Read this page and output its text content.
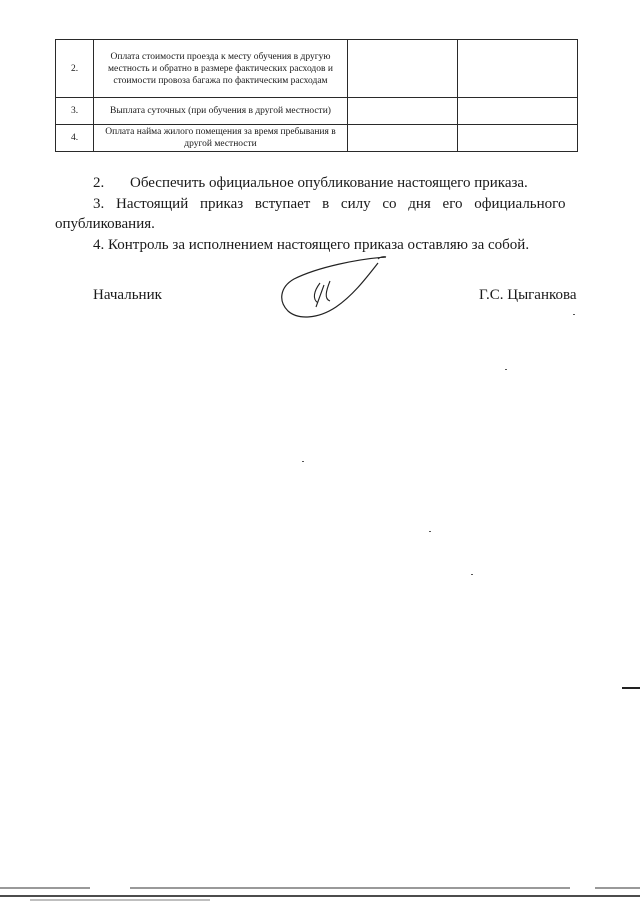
2.	Оплата стоимости проезда к месту обучения в другую местность и обратно в размере фактических расходов и стоимости провоза багажа по фактическим расходам		
3.	Выплата суточных (при обучения в другой местности)		
4.	Оплата найма жилого помещения за время пребывания в другой местности		

2. Обеспечить официальное опубликование настоящего приказа.

3. Настоящий приказ вступает в силу со дня его официального

опубликования.

4. Контроль за исполнением настоящего приказа оставляю за собой.

Начальник	Г.С. Цыганкова
